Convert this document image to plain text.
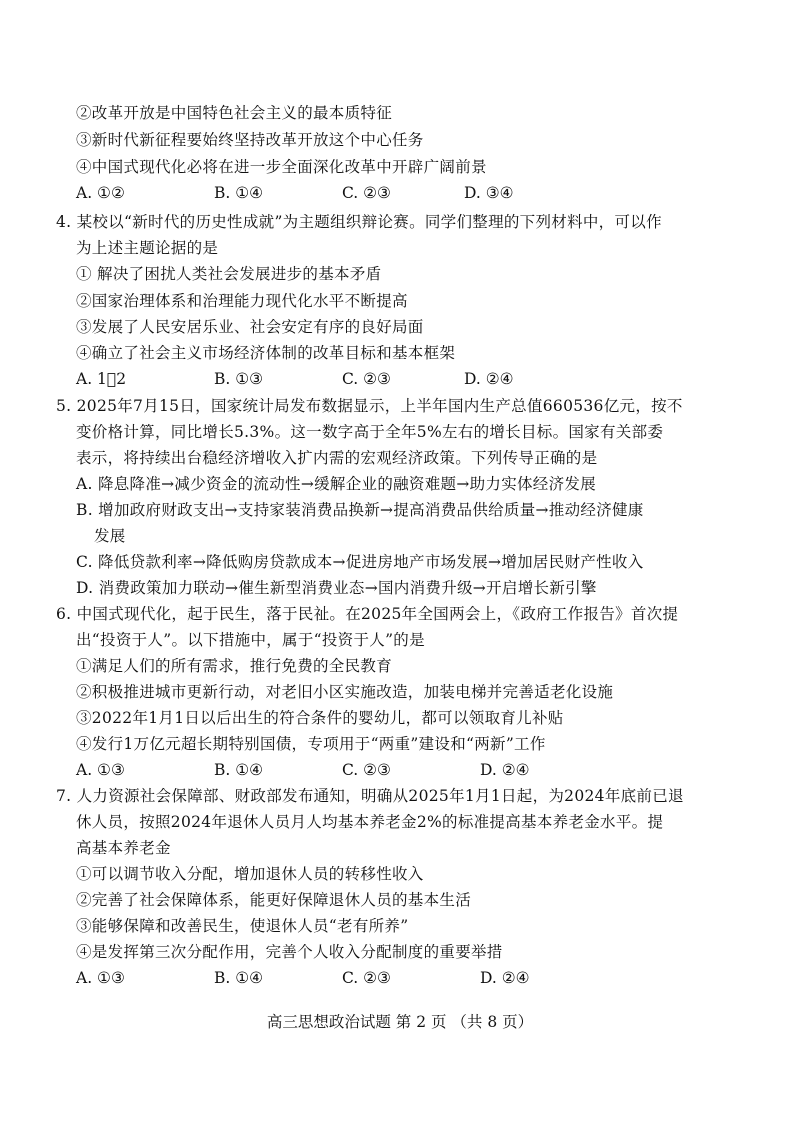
②改革开放是中国特色社会主义的最本质特征
③新时代新征程要始终坚持改革开放这个中心任务
④中国式现代化必将在进一步全面深化改革中开辟广阔前景
A. ①②	B. ①④	C. ②③	D. ③④
4. 某校以“新时代的历史性成就”为主题组织辩论赛。同学们整理的下列材料中，可以作
为上述主题论据的是
① 解决了困扰人类社会发展进步的基本矛盾
②国家治理体系和治理能力现代化水平不断提高
③发展了人民安居乐业、社会安定有序的良好局面
④确立了社会主义市场经济体制的改革目标和基本框架
A. 1⃝2	B. ①③	C. ②③	D. ②④
5. 2025年7月15日，国家统计局发布数据显示，上半年国内生产总值660536亿元，按不
变价格计算，同比增长5.3%。这一数字高于全年5%左右的增长目标。国家有关部委
表示，将持续出台稳经济增收入扩内需的宏观经济政策。下列传导正确的是
A. 降息降准→减少资金的流动性→缓解企业的融资难题→助力实体经济发展
B. 增加政府财政支出→支持家装消费品换新→提高消费品供给质量→推动经济健康
发展
C. 降低贷款利率→降低购房贷款成本→促进房地产市场发展→增加居民财产性收入
D. 消费政策加力联动→催生新型消费业态→国内消费升级→开启增长新引擎
6. 中国式现代化，起于民生，落于民祉。在2025年全国两会上，《政府工作报告》首次提
出“投资于人”。以下措施中，属于“投资于人”的是
①满足人们的所有需求，推行免费的全民教育
②积极推进城市更新行动，对老旧小区实施改造，加装电梯并完善适老化设施
③2022年1月1日以后出生的符合条件的婴幼儿，都可以领取育儿补贴
④发行1万亿元超长期特别国债，专项用于“两重”建设和“两新”工作
A. ①③	B. ①④	C. ②③	D. ②④
7. 人力资源社会保障部、财政部发布通知，明确从2025年1月1日起，为2024年底前已退
休人员，按照2024年退休人员月人均基本养老金2%的标准提高基本养老金水平。提
高基本养老金
①可以调节收入分配，增加退休人员的转移性收入
②完善了社会保障体系，能更好保障退休人员的基本生活
③能够保障和改善民生，使退休人员“老有所养”
④是发挥第三次分配作用，完善个人收入分配制度的重要举措
A. ①③	B. ①④	C. ②③	D. ②④
高三思想政治试题 第 2 页 （共 8 页）
